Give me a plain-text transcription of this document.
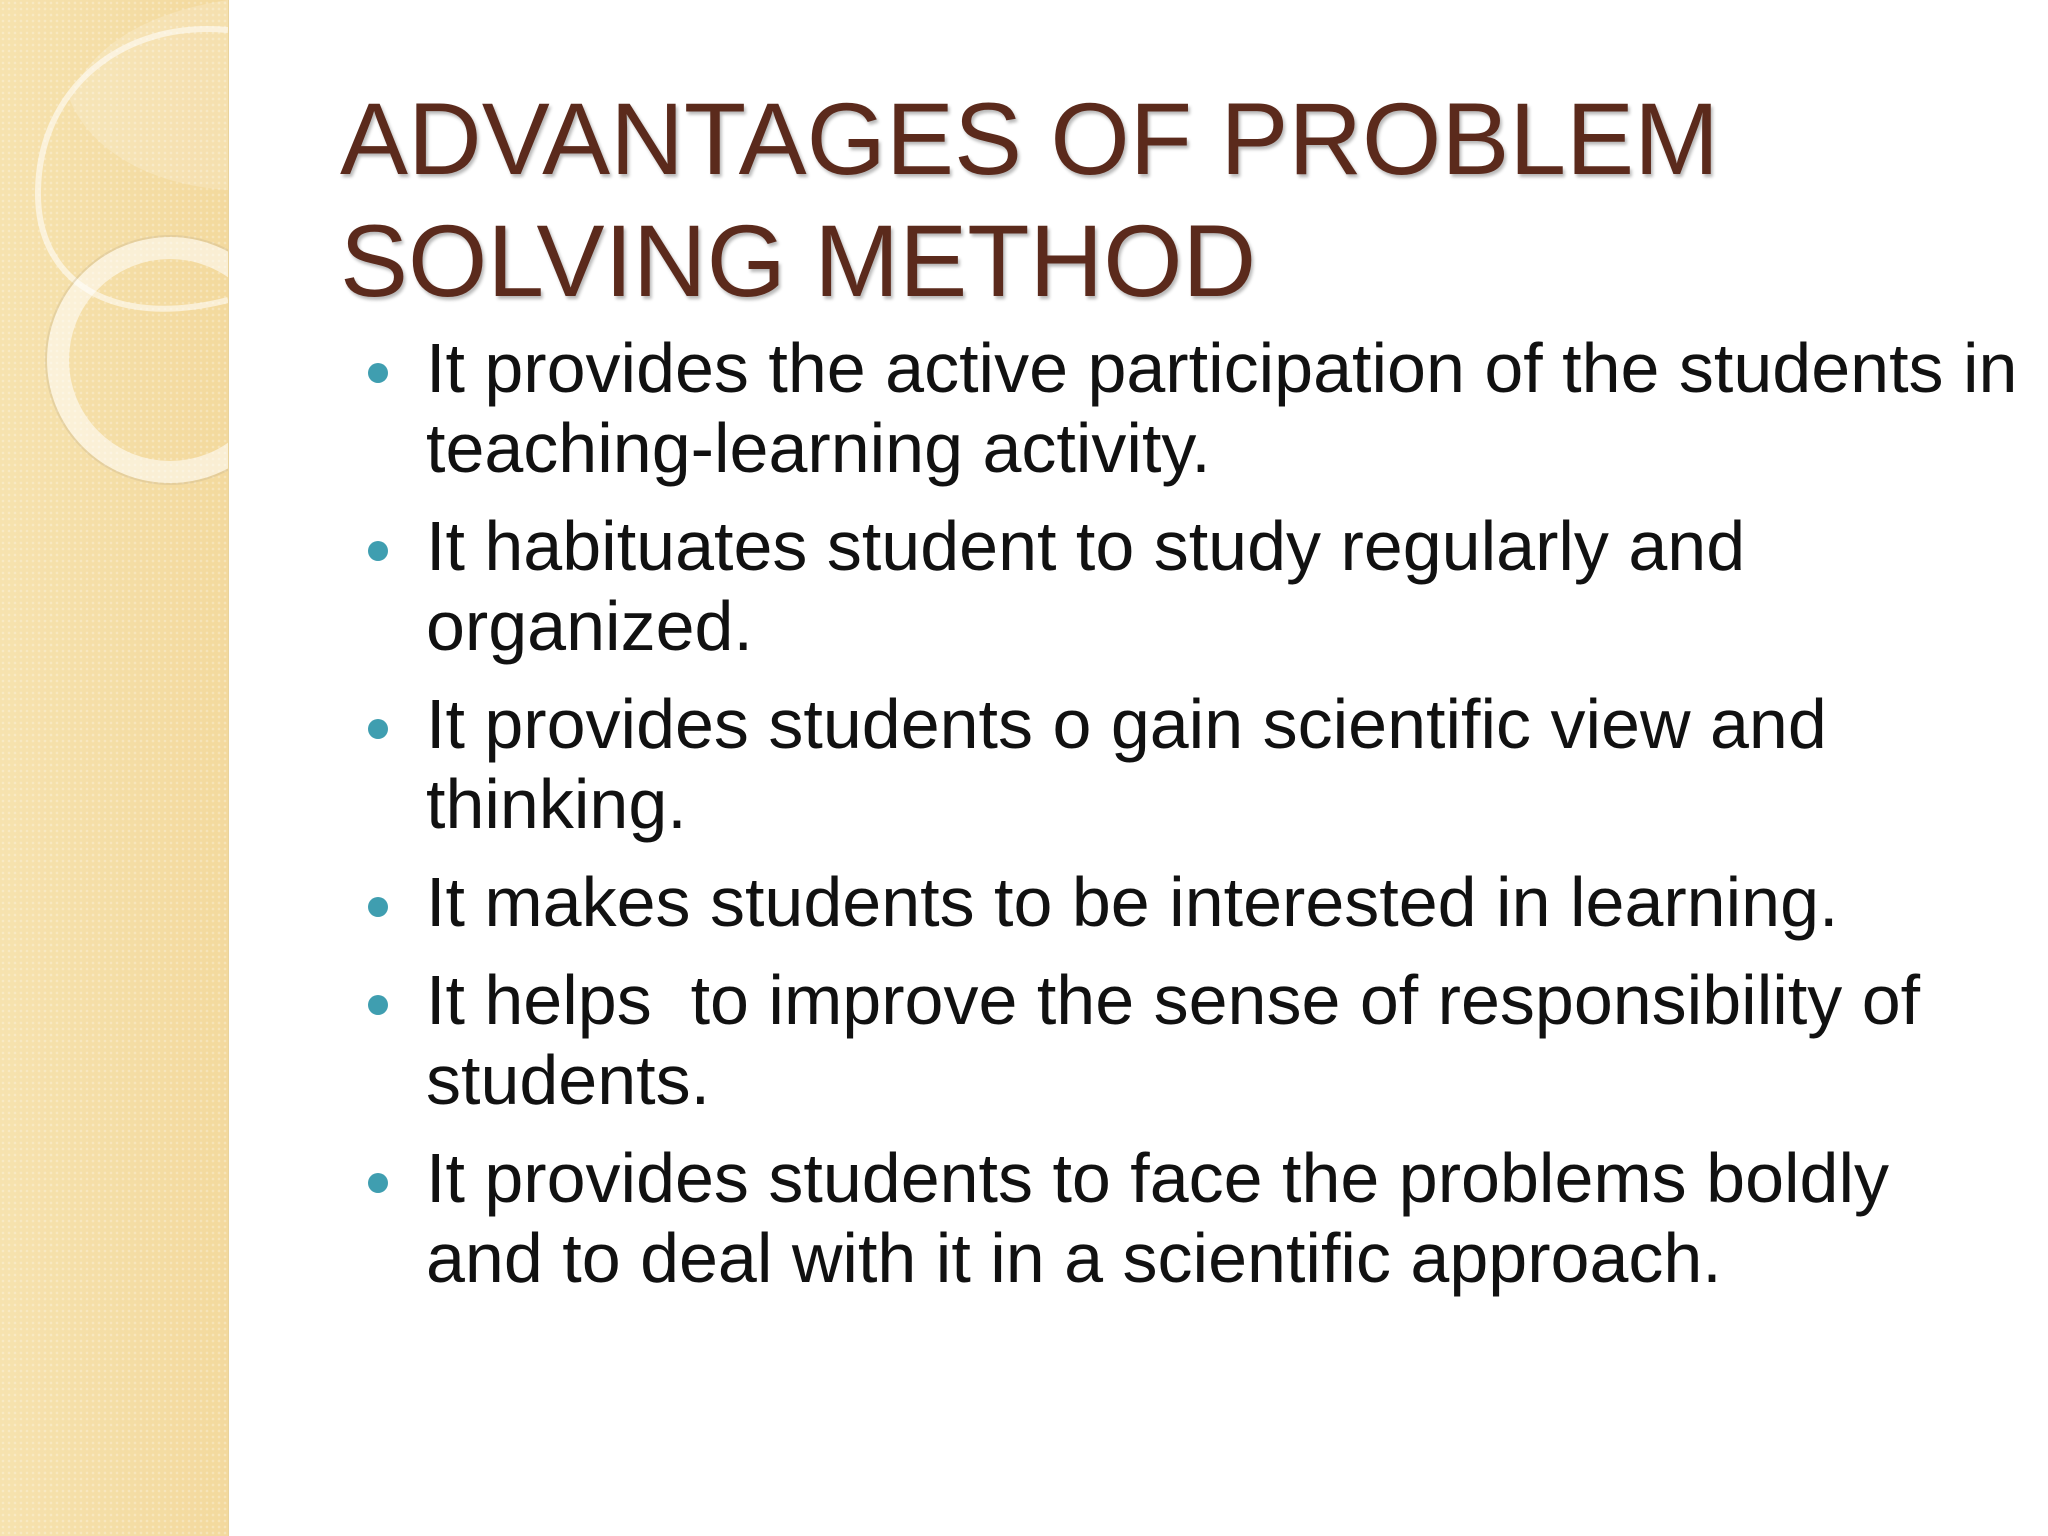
ADVANTAGES OF PROBLEM
SOLVING METHOD
It provides the active participation of the students in teaching-learning activity.
It habituates student to study regularly and organized.
It provides students o gain scientific view and thinking.
It makes students to be interested in learning.
It helps  to improve the sense of responsibility of students.
It provides students to face the problems boldly and to deal with it in a scientific approach.
